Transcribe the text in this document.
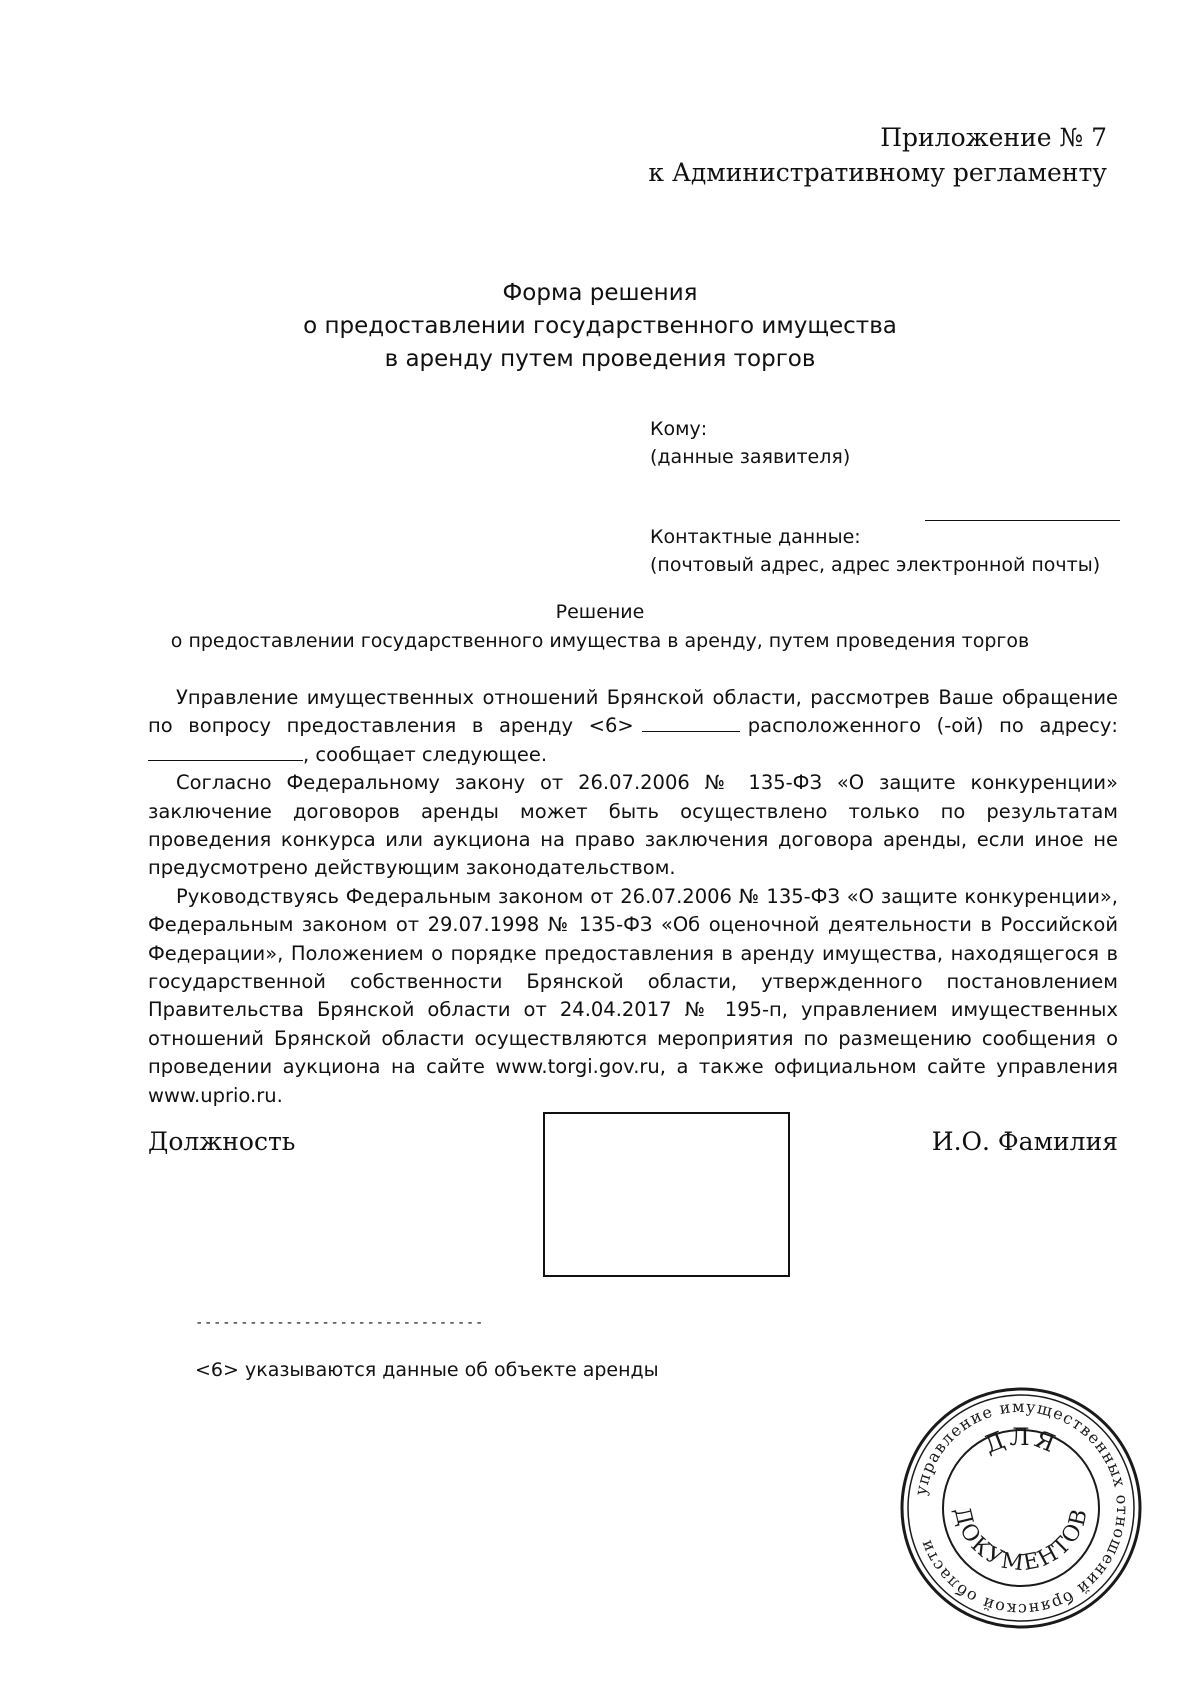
Приложение № 7
к Административному регламенту
Форма решения
о предоставлении государственного имущества
в аренду путем проведения торгов
Кому:
(данные заявителя)
Контактные данные:
(почтовый адрес, адрес электронной почты)
Решение
о предоставлении государственного имущества в аренду, путем проведения торгов

Управление имущественных отношений Брянской области, рассмотрев Ваше обращение по вопросу предоставления в аренду <6>	расположенного (-ой) по адресу: , сообщает следующее.

Согласно Федеральному закону от 26.07.2006 № 135-ФЗ «О защите конкуренции» заключение договоров аренды может быть осуществлено только по результатам проведения конкурса или аукциона на право заключения договора аренды, если иное не предусмотрено действующим законодательством.

Руководствуясь Федеральным законом от 26.07.2006 № 135-ФЗ «О защите конкуренции», Федеральным законом от 29.07.1998 № 135-ФЗ «Об оценочной деятельности в Российской Федерации», Положением о порядке предоставления в аренду имущества, находящегося в государственной собственности Брянской области, утвержденного постановлением Правительства Брянской области от 24.04.2017 № 195-п, управлением имущественных отношений Брянской области осуществляются мероприятия по размещению сообщения о проведении аукциона на сайте www.torgi.gov.ru, а также официальном сайте управления www.uprio.ru.

Должность	И.О. Фамилия
--------------------------------
<6> указываются данные об объекте аренды
управление имущественных отношений брянской области
ДЛЯ
ДОКУМЕНТОВ
